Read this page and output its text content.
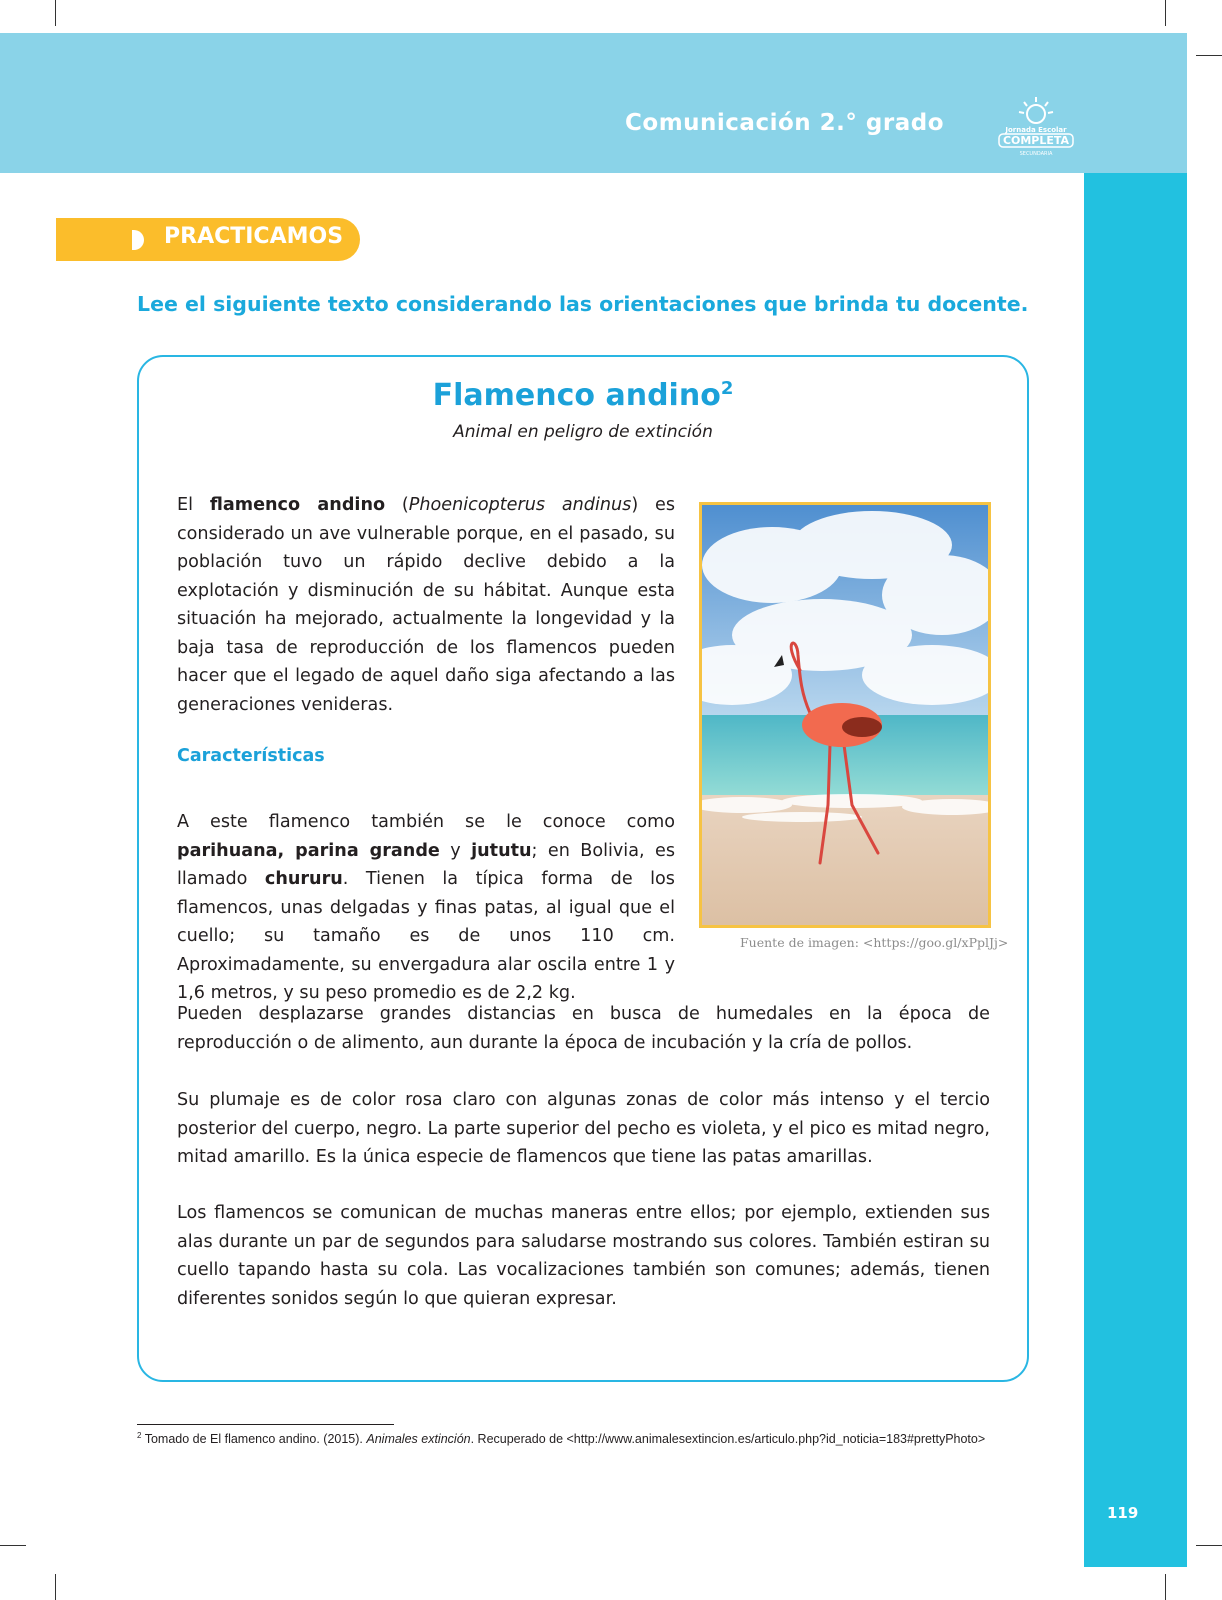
Comunicación 2.° grado	Jornada Escolar
COMPLETA
SECUNDARIA
PRACTICAMOS
Lee el siguiente texto considerando las orientaciones que brinda tu docente.
Flamenco andino$^2$
Animal en peligro de extinción
El flamenco andino (Phoenicopterus andinus) es considerado un ave vulnerable porque, en el pasado, su población tuvo un rápido declive debido a la explotación y disminución de su hábitat. Aunque esta situación ha mejorado, actualmente la longevidad y la baja tasa de reproducción de los flamencos pueden hacer que el legado de aquel daño siga afectando a las generaciones venideras.
Características
A este flamenco también se le conoce como parihuana, parina grande y jututu; en Bolivia, es llamado chururu. Tienen la típica forma de los flamencos, unas delgadas y finas patas, al igual que el cuello; su tamaño es de unos 110 cm. Aproximadamente, su envergadura alar oscila entre 1 y 1,6 metros, y su peso promedio es de 2,2 kg.
Fuente de imagen: <https://goo.gl/xPplJj>
Pueden desplazarse grandes distancias en busca de humedales en la época de reproducción o de alimento, aun durante la época de incubación y la cría de pollos.
Su plumaje es de color rosa claro con algunas zonas de color más intenso y el tercio posterior del cuerpo, negro. La parte superior del pecho es violeta, y el pico es mitad negro, mitad amarillo. Es la única especie de flamencos que tiene las patas amarillas.
Los flamencos se comunican de muchas maneras entre ellos; por ejemplo, extienden sus alas durante un par de segundos para saludarse mostrando sus colores. También estiran su cuello tapando hasta su cola. Las vocalizaciones también son comunes; además, tienen diferentes sonidos según lo que quieran expresar.
$^2$ Tomado de El flamenco andino. (2015). Animales extinción. Recuperado de <http://www.animalesextincion.es/articulo.php?id_noticia=183#prettyPhoto>
119
